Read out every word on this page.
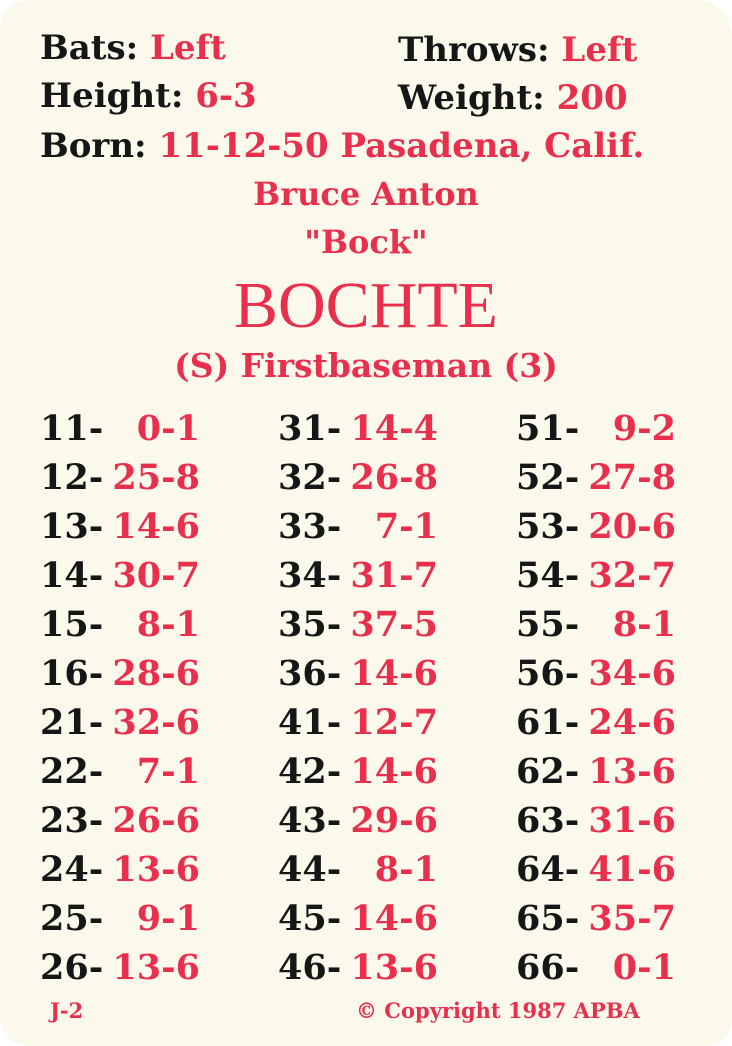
Bats: Left	Throws: Left
Height: 6-3	Weight: 200
Born: 11-12-50 Pasadena, Calif.
Bruce Anton
"Bock"
BOCHTE
(S) Firstbaseman (3)
11- 0-1 31- 14-4 51- 9-2
12- 25-8 32- 26-8 52- 27-8
13- 14-6 33- 7-1 53- 20-6
14- 30-7 34- 31-7 54- 32-7
15- 8-1 35- 37-5 55- 8-1
16- 28-6 36- 14-6 56- 34-6
21- 32-6 41- 12-7 61- 24-6
22- 7-1 42- 14-6 62- 13-6
23- 26-6 43- 29-6 63- 31-6
24- 13-6 44- 8-1 64- 41-6
25- 9-1 45- 14-6 65- 35-7
26- 13-6 46- 13-6 66- 0-1
J-2	© Copyright 1987 APBA
